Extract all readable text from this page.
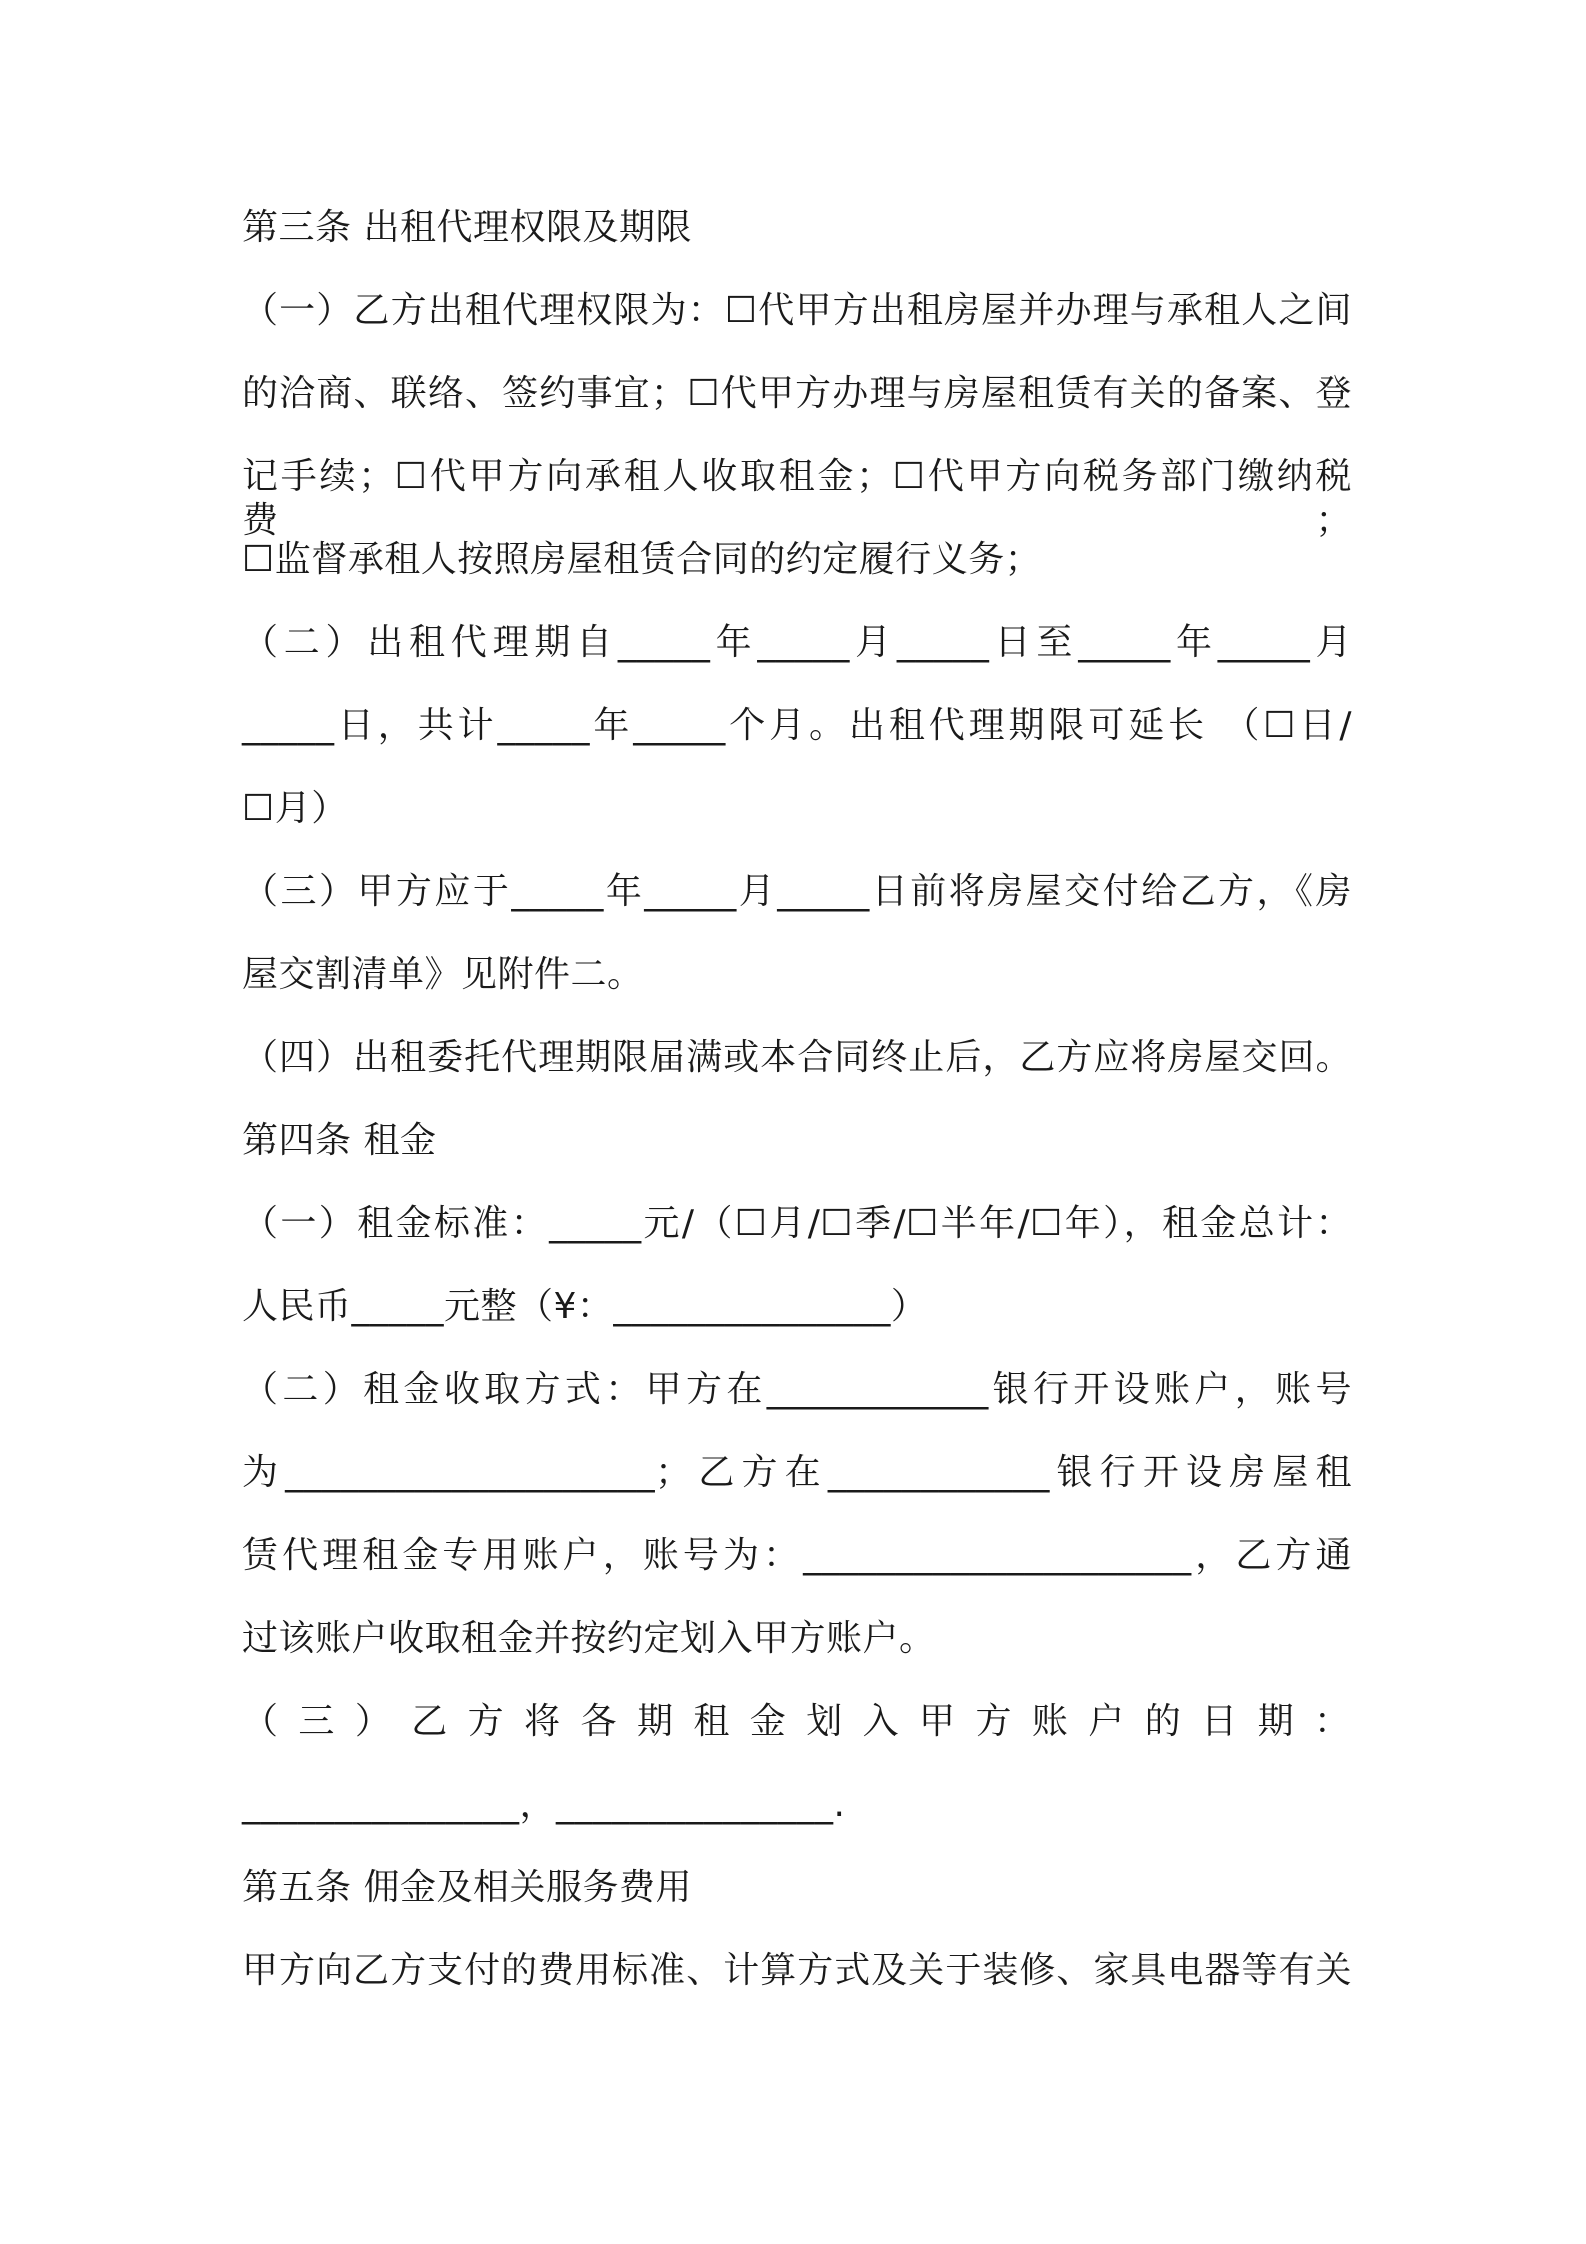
第三条 出租代理权限及期限
（一）乙方出租代理权限为：☐代甲方出租房屋并办理与承租人之间
的洽商、联络、签约事宜；☐代甲方办理与房屋租赁有关的备案、登
记手续；☐代甲方向承租人收取租金；☐代甲方向税务部门缴纳税费；
☐监督承租人按照房屋租赁合同的约定履行义务；
（二）出租代理期自_____年_____月_____日至_____年_____月
_____日，共计_____年_____个月。出租代理期限可延长 （☐日/
☐月）
（三）甲方应于_____年_____月_____日前将房屋交付给乙方，《房
屋交割清单》见附件二。
（四）出租委托代理期限届满或本合同终止后，乙方应将房屋交回。
第四条 租金
（一）租金标准：_____元/（☐月/☐季/☐半年/☐年），租金总计：
人民币_____元整（¥：_______________）
（二）租金收取方式：甲方在____________银行开设账户，账号
为____________________；乙方在____________银行开设房屋租
赁代理租金专用账户，账号为：_____________________，乙方通
过该账户收取租金并按约定划入甲方账户。
（三）乙方将各期租金划入甲方账户的日期：
_______________，_______________.
第五条 佣金及相关服务费用
甲方向乙方支付的费用标准、计算方式及关于装修、家具电器等有关
